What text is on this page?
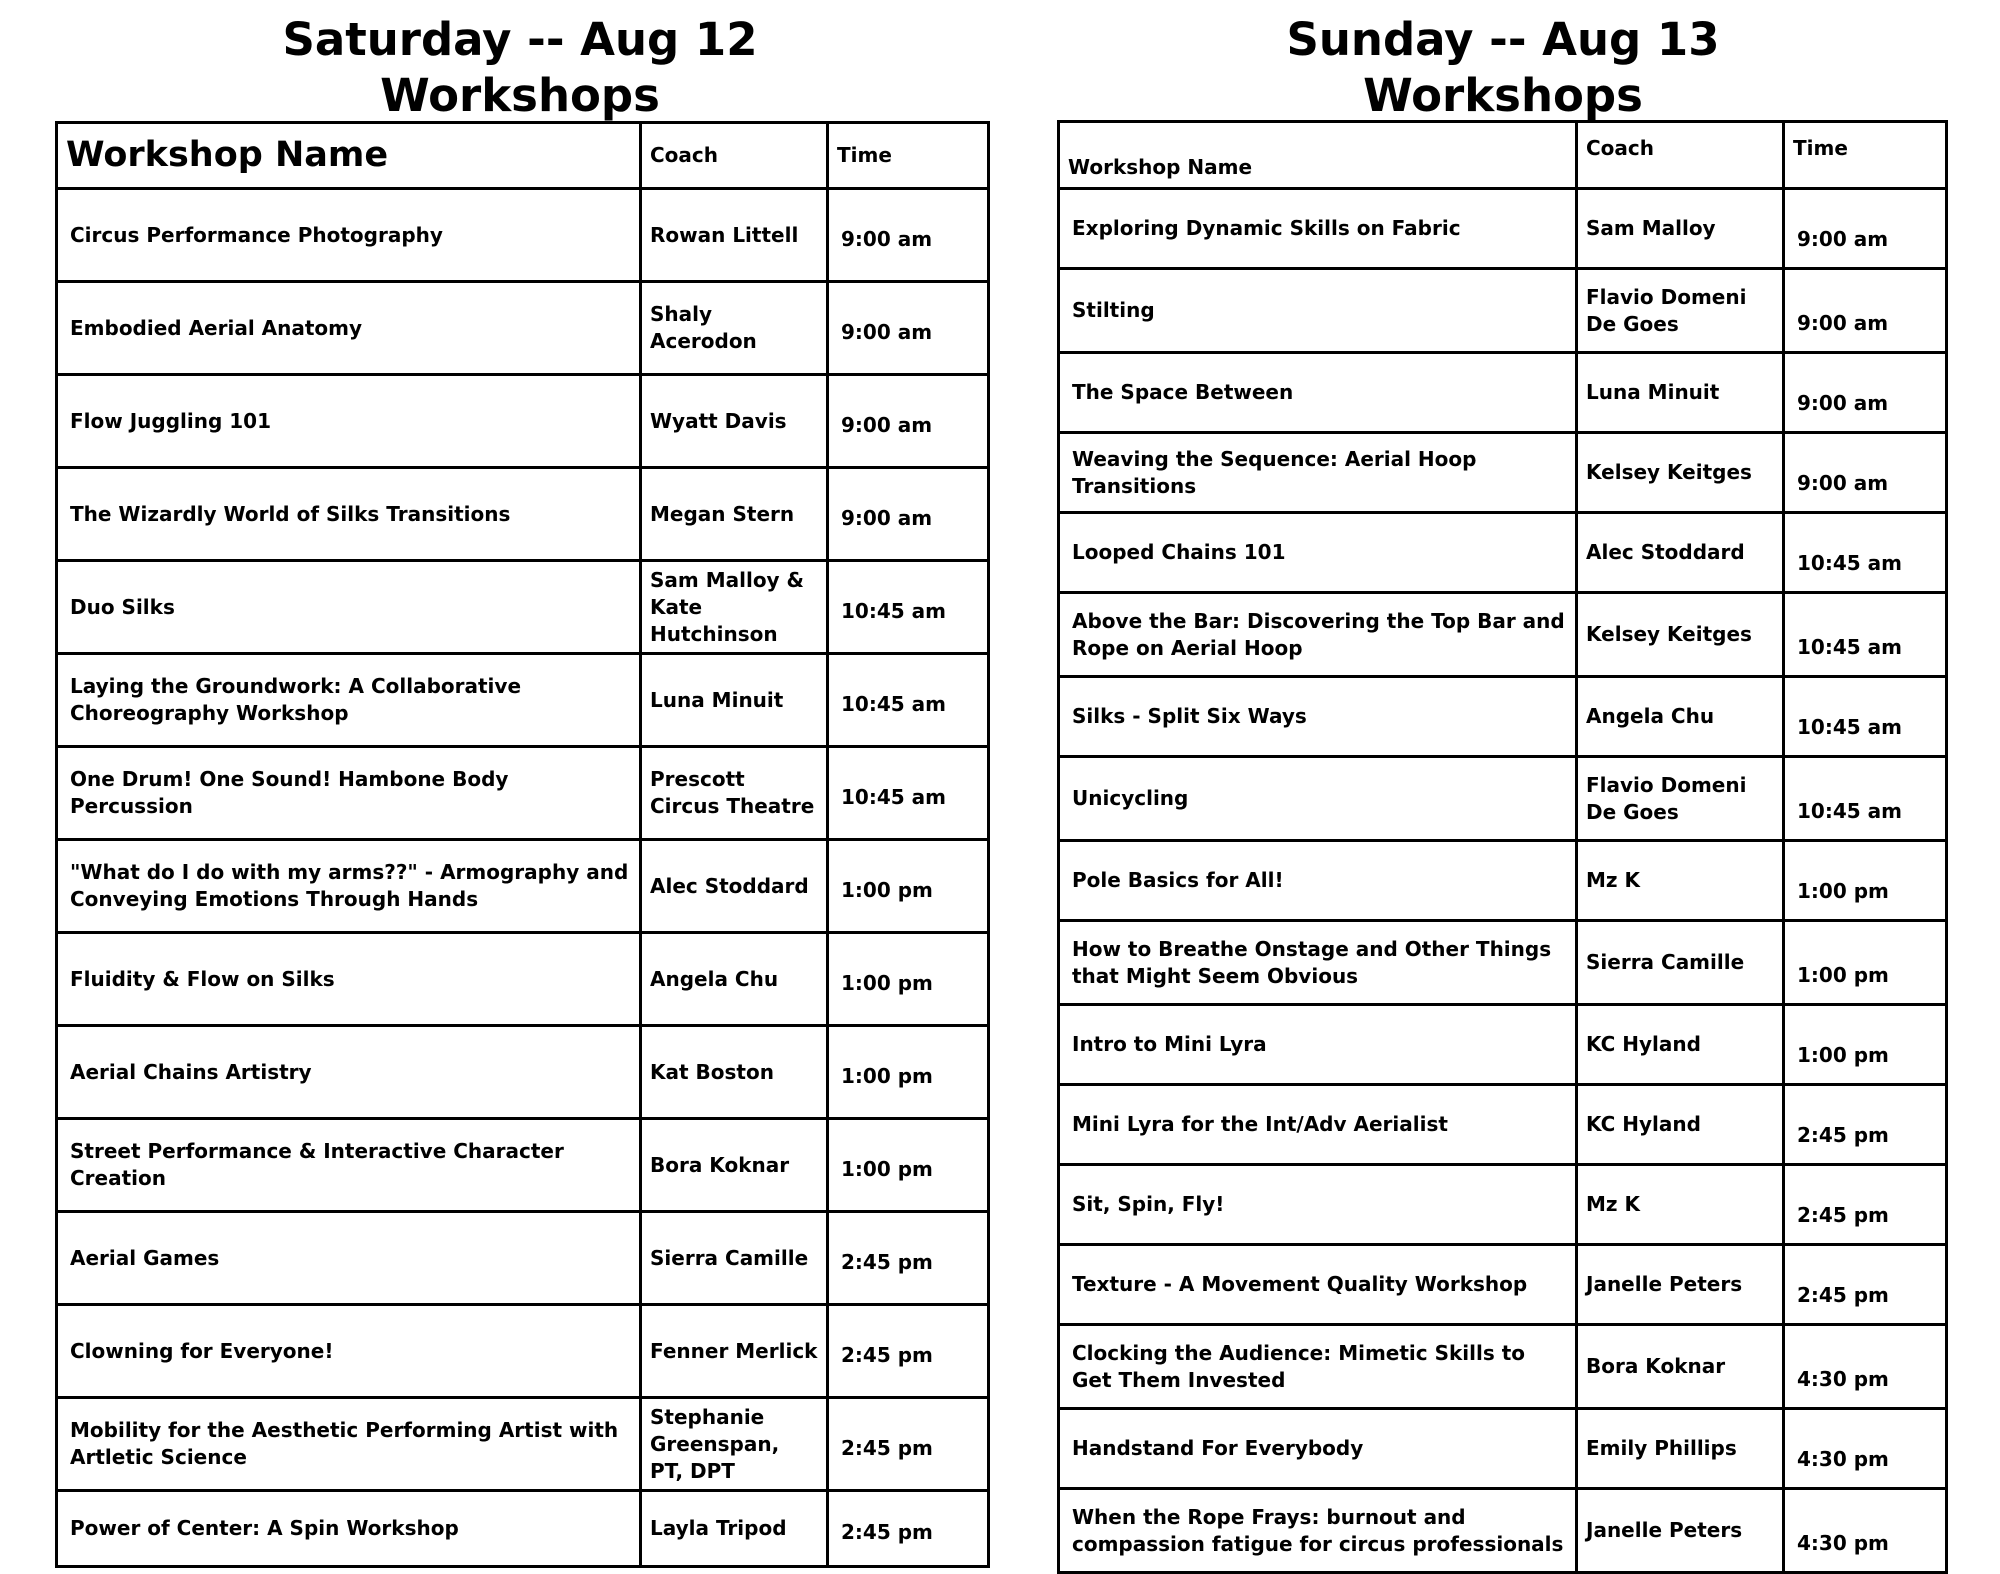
Saturday -- Aug 12
Workshops
Workshop Name	Coach	Time
Circus Performance Photography	Rowan Littell	9:00 am
Embodied Aerial Anatomy	Shaly Acerodon	9:00 am
Flow Juggling 101	Wyatt Davis	9:00 am
The Wizardly World of Silks Transitions	Megan Stern	9:00 am
Duo Silks	Sam Malloy & Kate Hutchinson	10:45 am
Laying the Groundwork: A Collaborative Choreography Workshop	Luna Minuit	10:45 am
One Drum! One Sound! Hambone Body Percussion	Prescott Circus Theatre	10:45 am
"What do I do with my arms??" - Armography and Conveying Emotions Through Hands	Alec Stoddard	1:00 pm
Fluidity & Flow on Silks	Angela Chu	1:00 pm
Aerial Chains Artistry	Kat Boston	1:00 pm
Street Performance & Interactive Character Creation	Bora Koknar	1:00 pm
Aerial Games	Sierra Camille	2:45 pm
Clowning for Everyone!	Fenner Merlick	2:45 pm
Mobility for the Aesthetic Performing Artist with Artletic Science	Stephanie Greenspan, PT, DPT	2:45 pm
Power of Center: A Spin Workshop	Layla Tripod	2:45 pm
Sunday -- Aug 13
Workshops
Workshop Name	Coach	Time
Exploring Dynamic Skills on Fabric	Sam Malloy	9:00 am
Stilting	Flavio Domeni De Goes	9:00 am
The Space Between	Luna Minuit	9:00 am
Weaving the Sequence: Aerial Hoop Transitions	Kelsey Keitges	9:00 am
Looped Chains 101	Alec Stoddard	10:45 am
Above the Bar: Discovering the Top Bar and Rope on Aerial Hoop	Kelsey Keitges	10:45 am
Silks - Split Six Ways	Angela Chu	10:45 am
Unicycling	Flavio Domeni De Goes	10:45 am
Pole Basics for All!	Mz K	1:00 pm
How to Breathe Onstage and Other Things that Might Seem Obvious	Sierra Camille	1:00 pm
Intro to Mini Lyra	KC Hyland	1:00 pm
Mini Lyra for the Int/Adv Aerialist	KC Hyland	2:45 pm
Sit, Spin, Fly!	Mz K	2:45 pm
Texture - A Movement Quality Workshop	Janelle Peters	2:45 pm
Clocking the Audience: Mimetic Skills to Get Them Invested	Bora Koknar	4:30 pm
Handstand For Everybody	Emily Phillips	4:30 pm
When the Rope Frays: burnout and compassion fatigue for circus professionals	Janelle Peters	4:30 pm
